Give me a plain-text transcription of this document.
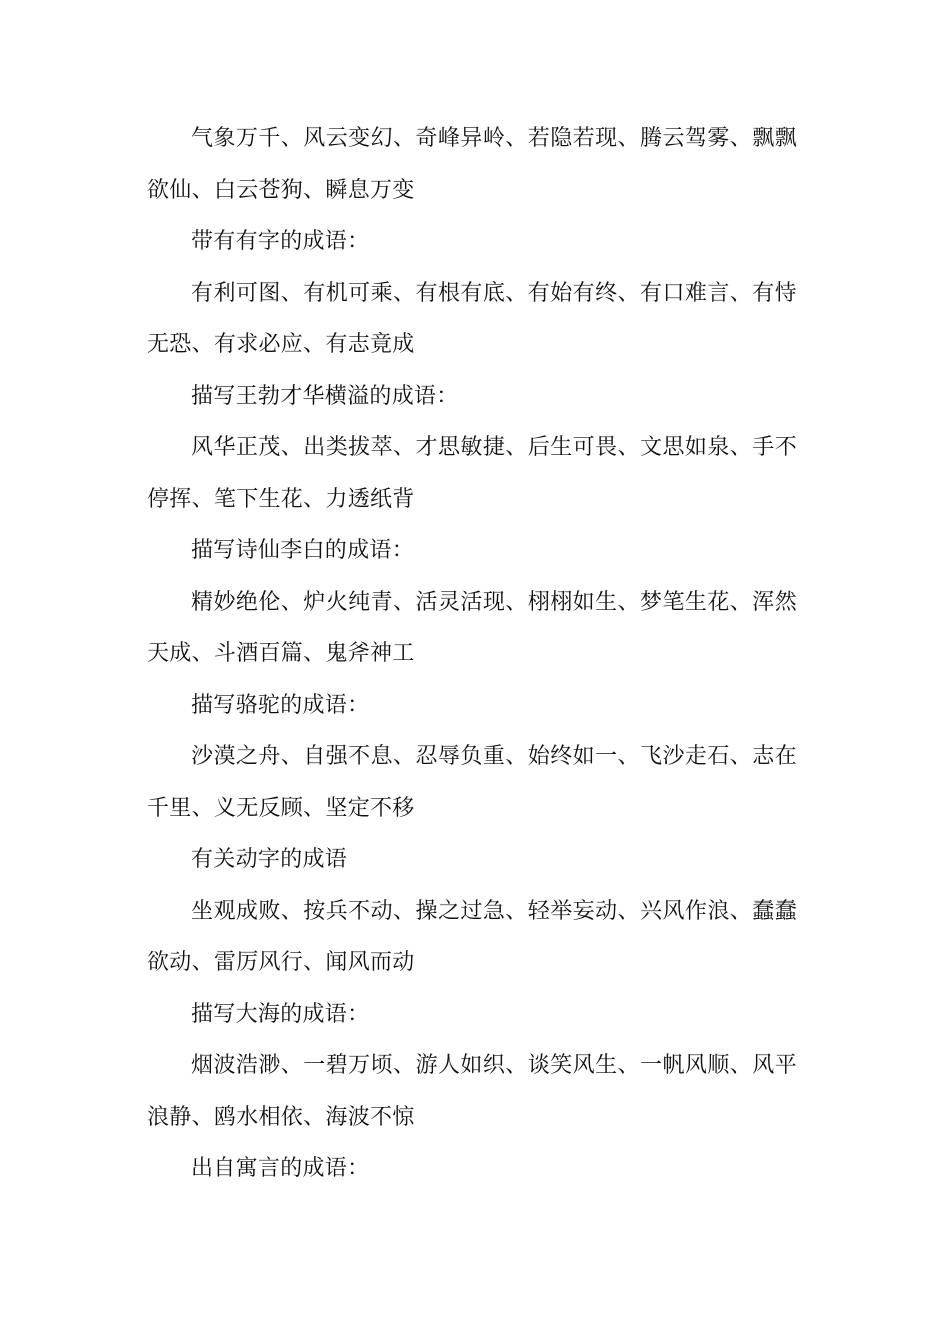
气象万千、风云变幻、奇峰异岭、若隐若现、腾云驾雾、飘飘欲仙、白云苍狗、瞬息万变

带有有字的成语：

有利可图、有机可乘、有根有底、有始有终、有口难言、有恃无恐、有求必应、有志竟成

描写王勃才华横溢的成语：

风华正茂、出类拔萃、才思敏捷、后生可畏、文思如泉、手不停挥、笔下生花、力透纸背

描写诗仙李白的成语：

精妙绝伦、炉火纯青、活灵活现、栩栩如生、梦笔生花、浑然天成、斗酒百篇、鬼斧神工

描写骆驼的成语：

沙漠之舟、自强不息、忍辱负重、始终如一、飞沙走石、志在千里、义无反顾、坚定不移

有关动字的成语

坐观成败、按兵不动、操之过急、轻举妄动、兴风作浪、蠢蠢欲动、雷厉风行、闻风而动

描写大海的成语：

烟波浩渺、一碧万顷、游人如织、谈笑风生、一帆风顺、风平浪静、鸥水相依、海波不惊

出自寓言的成语：
